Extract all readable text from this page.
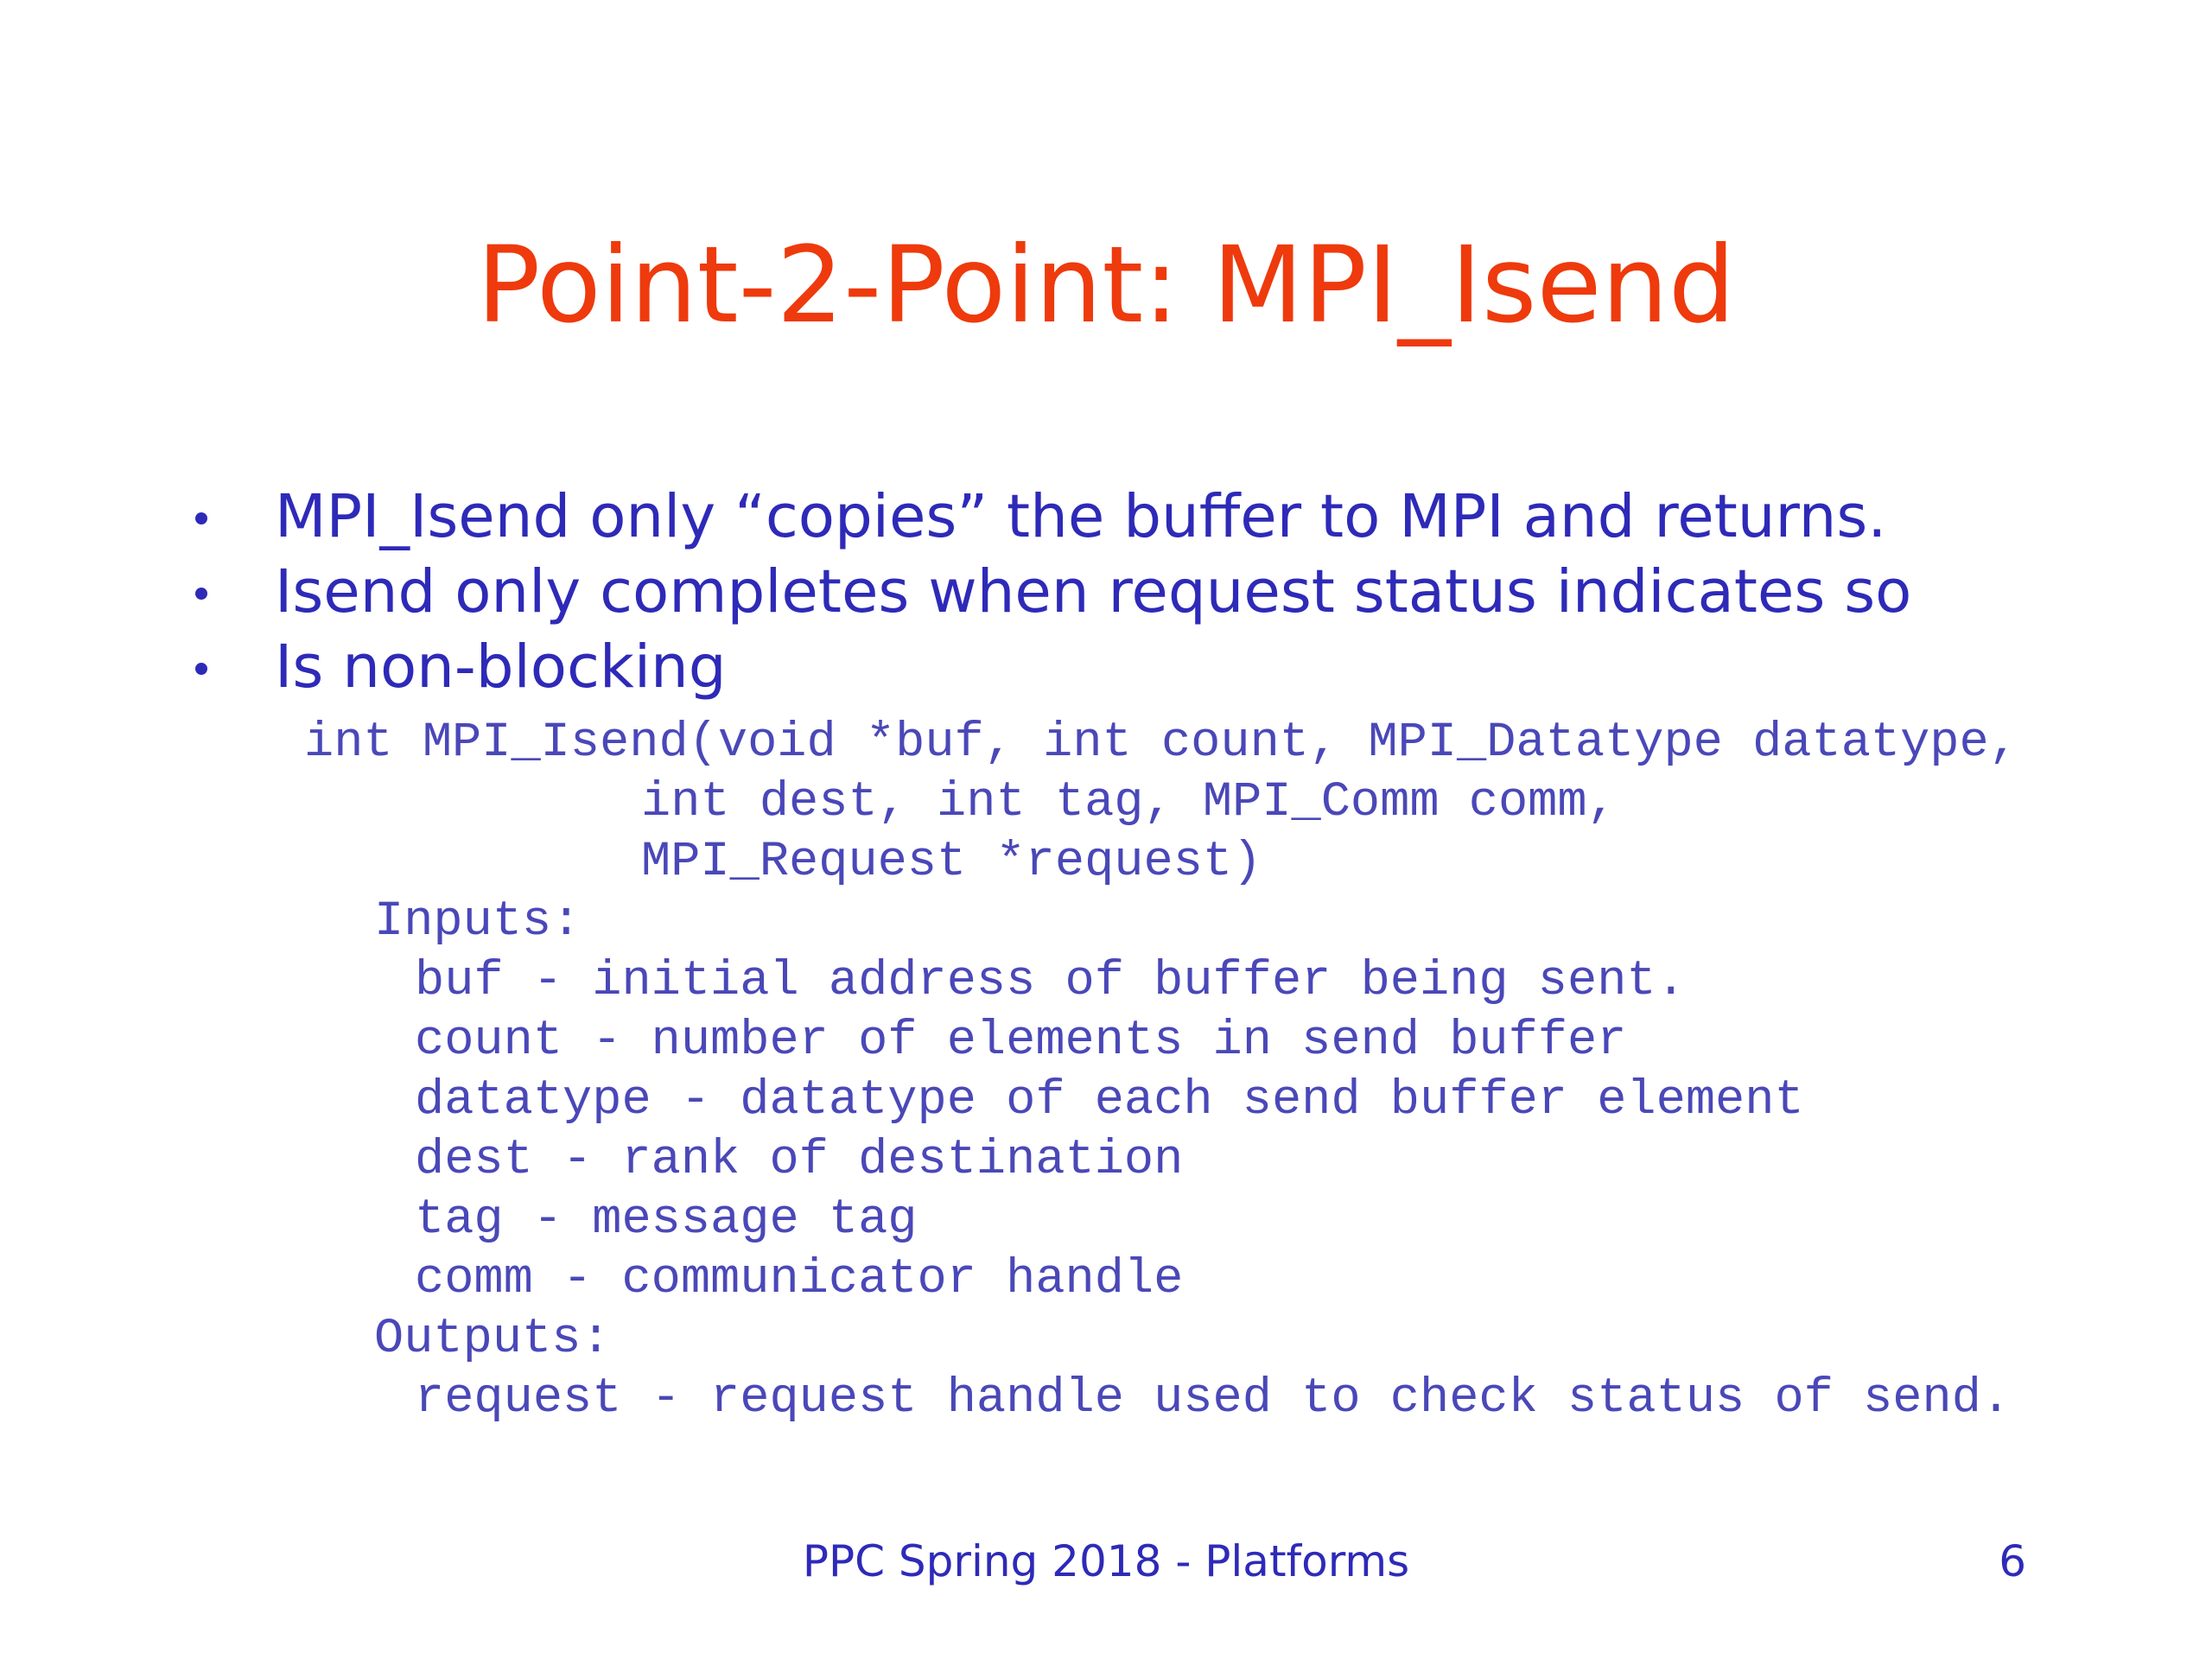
Point-2-Point: MPI_Isend
MPI_Isend only “copies” the buffer to MPI and returns.
Isend only completes when request status indicates so
Is non-blocking

int MPI_Isend(void *buf, int count, MPI_Datatype datatype,

int dest, int tag, MPI_Comm comm,

MPI_Request *request)

Inputs:

buf - initial address of buffer being sent.

count - number of elements in send buffer

datatype - datatype of each send buffer element

dest - rank of destination

tag - message tag

comm - communicator handle

Outputs:

request - request handle used to check status of send.

PPC Spring 2018 - Platforms	6
